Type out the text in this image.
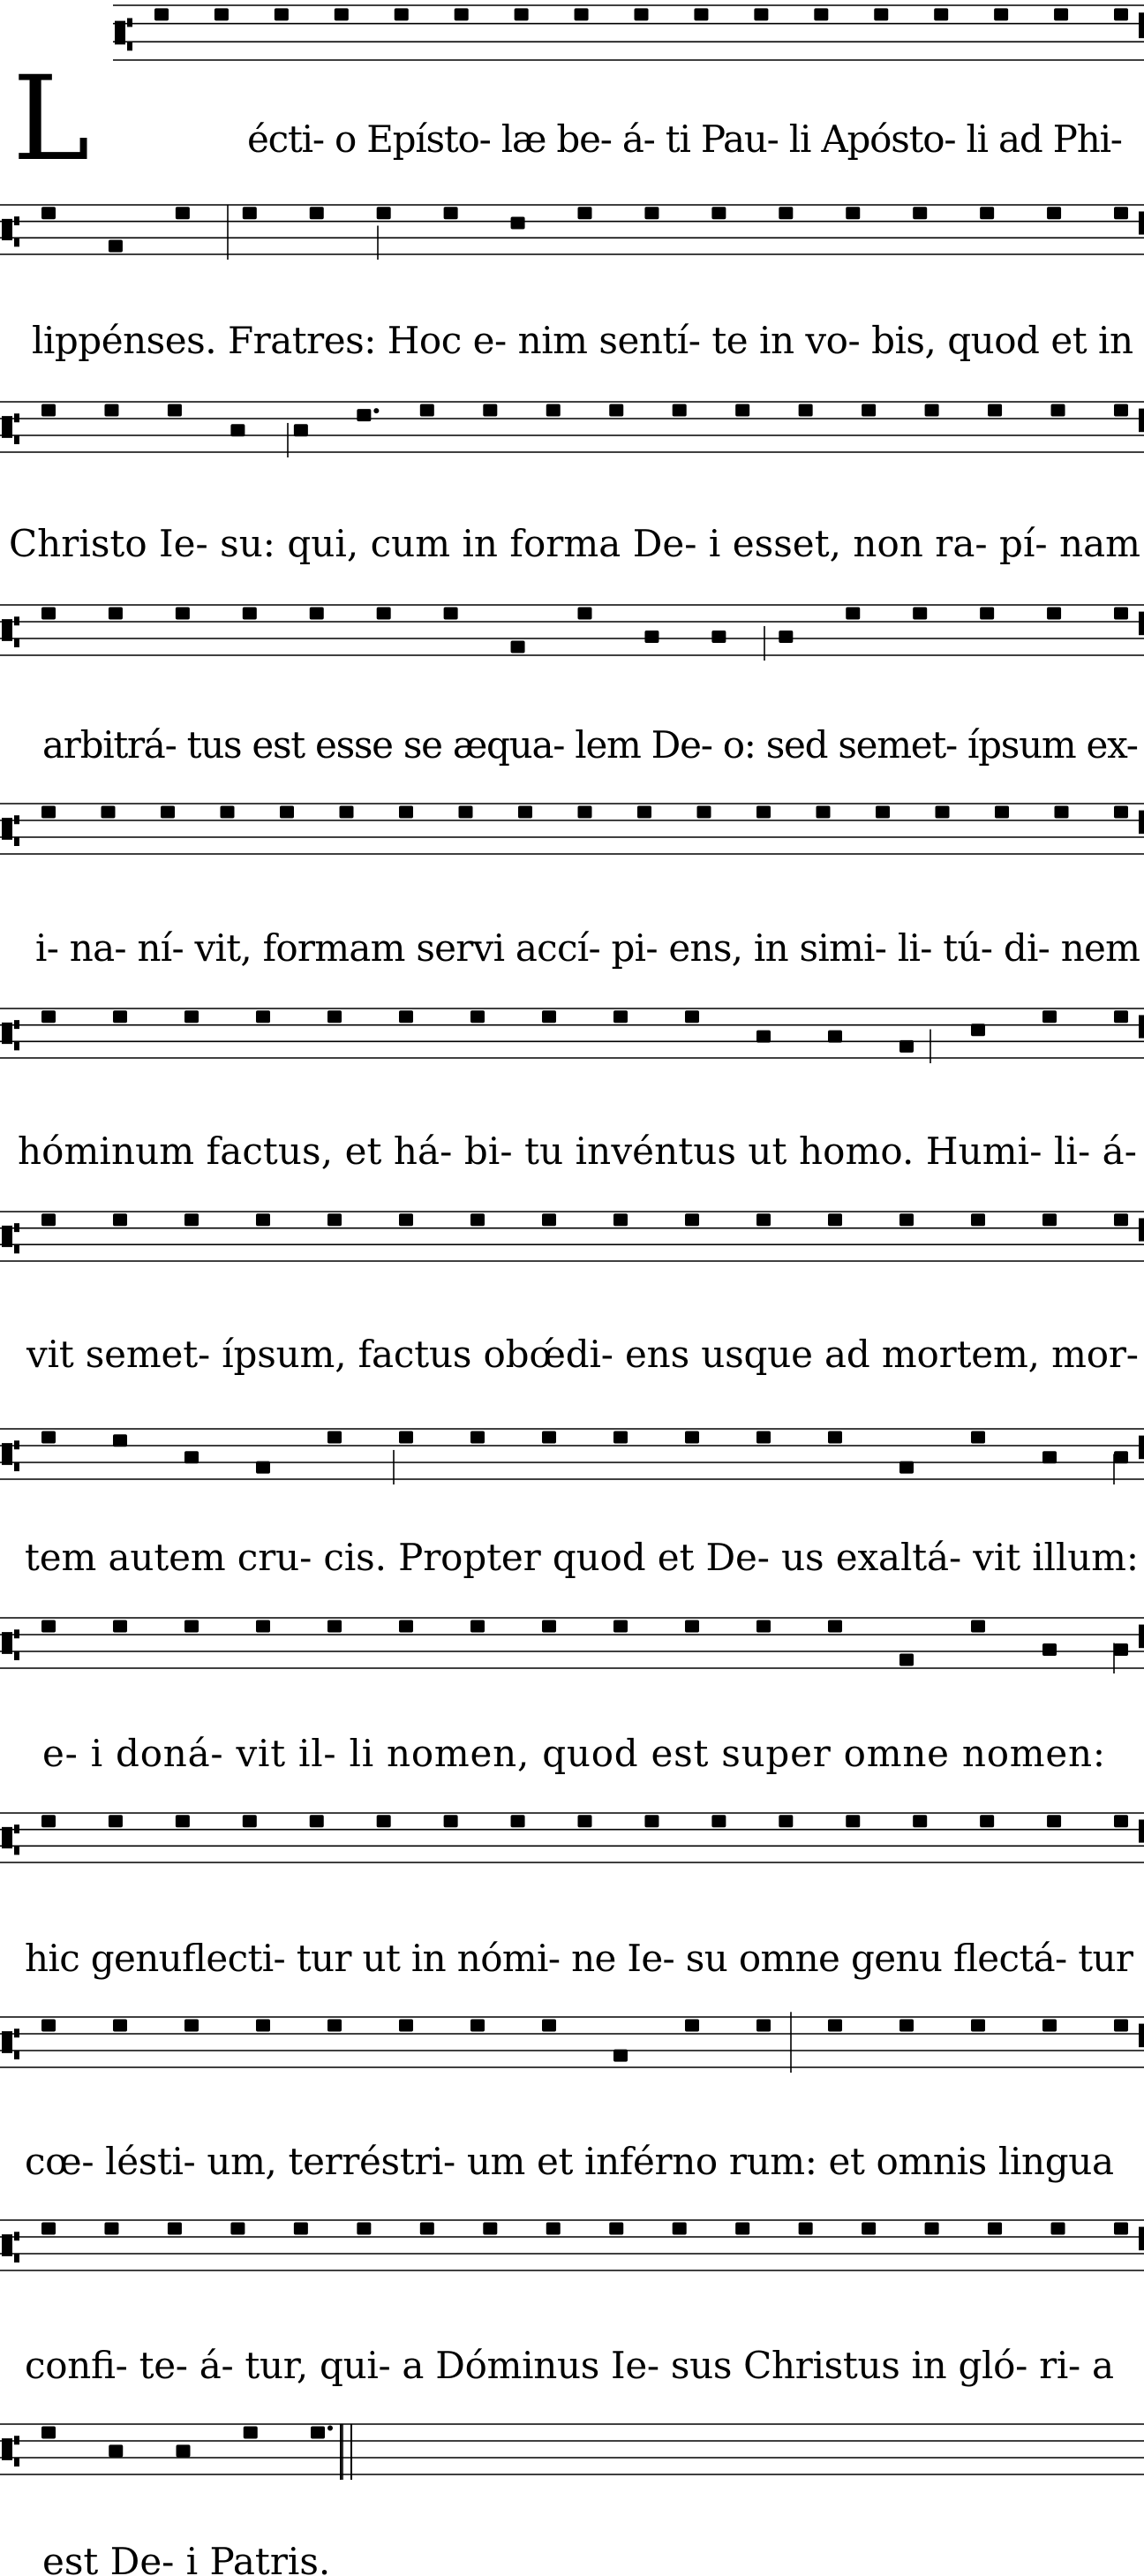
L	écti- o Epísto- læ be- á- ti Pau- li Apósto- li ad Phi-
lippénses. Fratres: Hoc e- nim sentí- te in vo- bis, quod et in
Christo Ie- su: qui, cum in forma De- i esset, non ra- pí- nam
arbitrá- tus est esse se æqua- lem De- o: sed semet- ípsum ex-
i- na- ní- vit, formam servi accí- pi- ens, in simi- li- tú- di- nem
hóminum factus, et há- bi- tu invéntus ut homo. Humi- li- á-
vit semet- ípsum, factus obœ́di- ens usque ad mortem, mor-
tem autem cru- cis. Propter quod et De- us exaltá- vit illum:
e- i doná- vit il- li nomen, quod est super omne nomen:
hic genuflecti- tur ut in nómi- ne Ie- su omne genu flectá- tur
cœ- lésti- um, terréstri- um et inférno rum: et omnis lingua
confi- te- á- tur, qui- a Dóminus Ie- sus Christus in gló- ri- a
est De- i Patris.
